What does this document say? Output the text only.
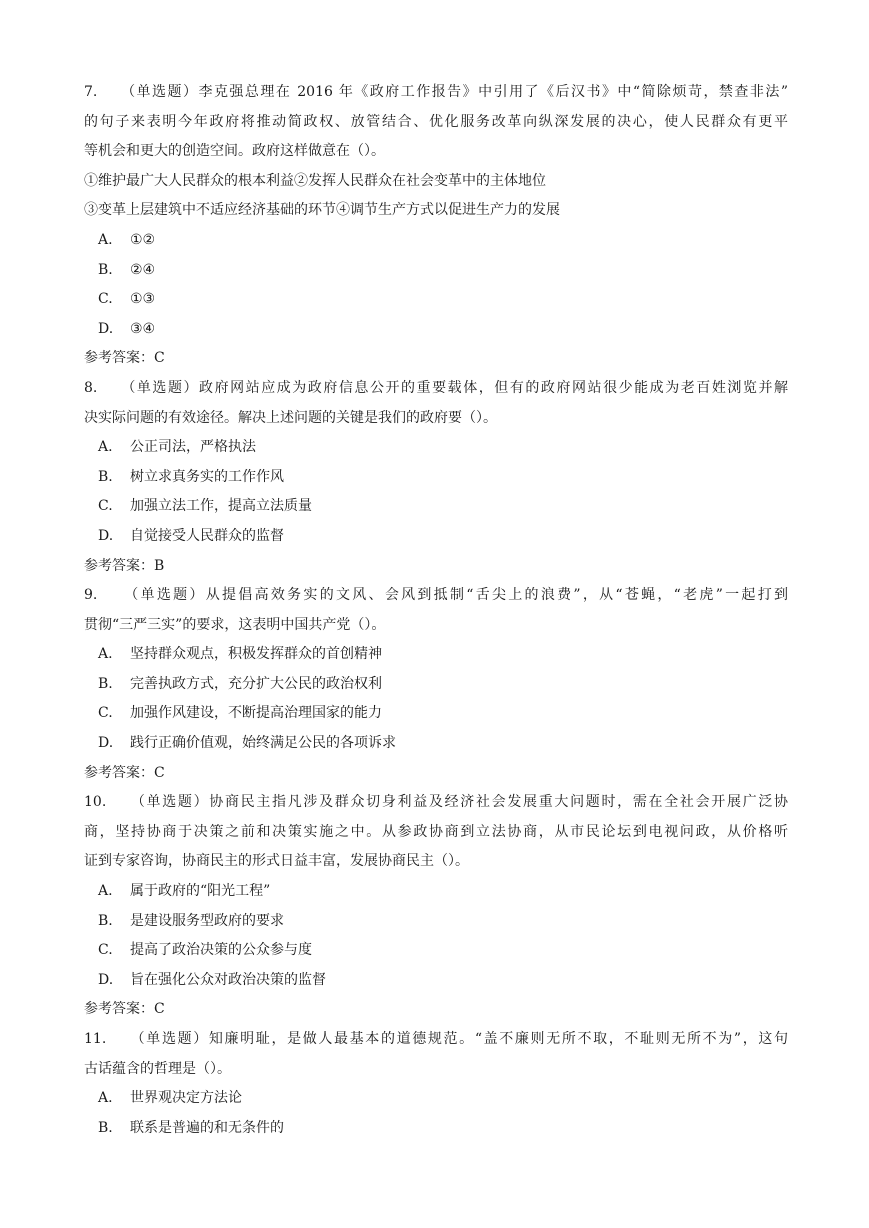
7. （单选题）李克强总理在 2016 年《政府工作报告》中引用了《后汉书》中“简除烦苛，禁查非法”
的句子来表明今年政府将推动简政权、放管结合、优化服务改革向纵深发展的决心，使人民群众有更平
等机会和更大的创造空间。政府这样做意在（）。
①维护最广大人民群众的根本利益②发挥人民群众在社会变革中的主体地位
③变革上层建筑中不适应经济基础的环节④调节生产方式以促进生产力的发展
A. ①②
B. ②④
C. ①③
D. ③④
参考答案：C
8. （单选题）政府网站应成为政府信息公开的重要载体，但有的政府网站很少能成为老百姓浏览并解
决实际问题的有效途径。解决上述问题的关键是我们的政府要（）。
A. 公正司法，严格执法
B. 树立求真务实的工作作风
C. 加强立法工作，提高立法质量
D. 自觉接受人民群众的监督
参考答案：B
9. （单选题）从提倡高效务实的文风、会风到抵制“舌尖上的浪费”，从“苍蝇，“老虎”一起打到
贯彻“三严三实”的要求，这表明中国共产党（）。
A. 坚持群众观点，积极发挥群众的首创精神
B. 完善执政方式，充分扩大公民的政治权利
C. 加强作风建设，不断提高治理国家的能力
D. 践行正确价值观，始终满足公民的各项诉求
参考答案：C
10. （单选题）协商民主指凡涉及群众切身利益及经济社会发展重大问题时，需在全社会开展广泛协
商，坚持协商于决策之前和决策实施之中。从参政协商到立法协商，从市民论坛到电视问政，从价格听
证到专家咨询，协商民主的形式日益丰富，发展协商民主（）。
A. 属于政府的“阳光工程”
B. 是建设服务型政府的要求
C. 提高了政治决策的公众参与度
D. 旨在强化公众对政治决策的监督
参考答案：C
11. （单选题）知廉明耻，是做人最基本的道德规范。“盖不廉则无所不取，不耻则无所不为”，这句
古话蕴含的哲理是（）。
A. 世界观决定方法论
B. 联系是普遍的和无条件的
